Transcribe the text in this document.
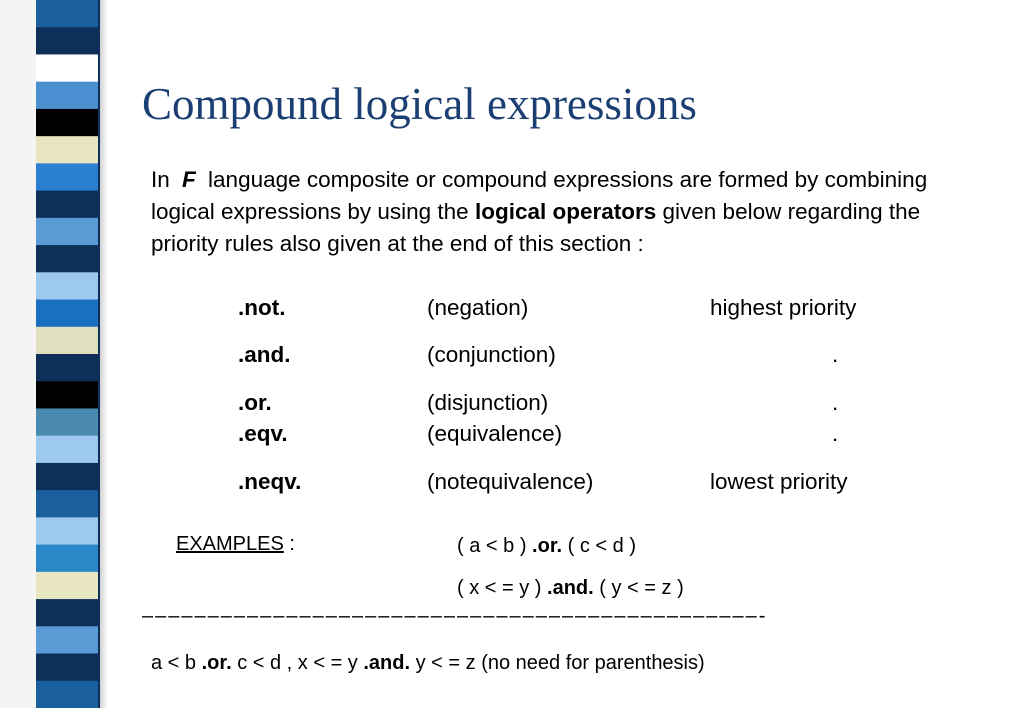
Compound logical expressions
In F language composite or compound expressions are formed by combining logical expressions by using the logical operators given below regarding the priority rules also given at the end of this section :
.not.	(negation)	highest priority
.and.	(conjunction)	.
.or.	(disjunction)	.
.eqv.	(equivalence)	.
.neqv.	(notequivalence)	lowest priority
EXAMPLES :	( a < b ) .or. ( c < d )
( x < = y ) .and. ( y < = z )
–––––––––––––––––––––––––––––––––––––––––––––––-
a < b .or. c < d , x < = y .and. y < = z (no need for parenthesis)
